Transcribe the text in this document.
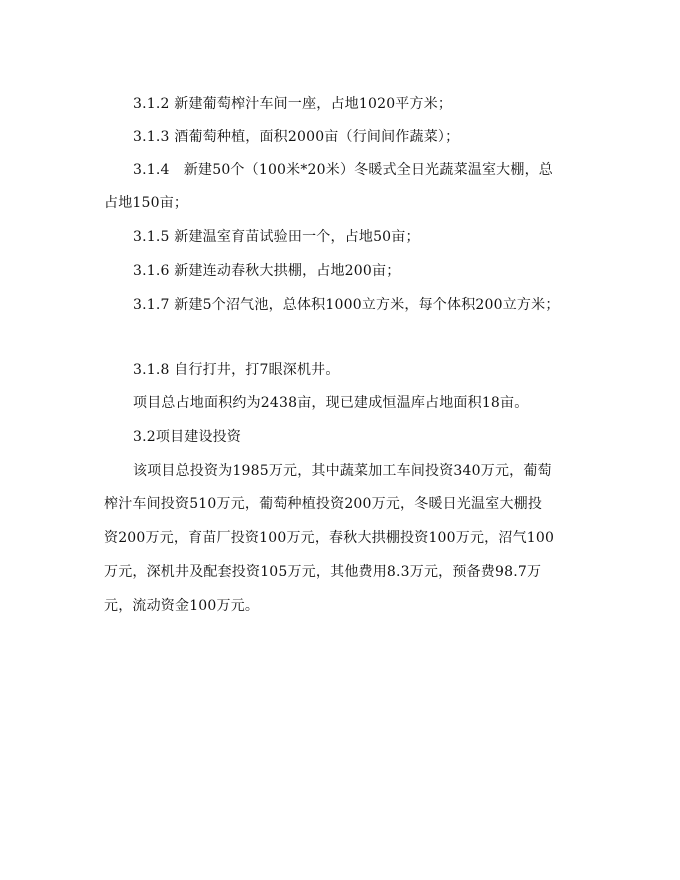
3.1.2 新建葡萄榨汁车间一座，占地1020平方米；
3.1.3 酒葡萄种植，面积2000亩（行间间作蔬菜）；
3.1.4　新建50个（100米*20米）冬暖式全日光蔬菜温室大棚，总
占地150亩；
3.1.5 新建温室育苗试验田一个，占地50亩；
3.1.6 新建连动春秋大拱棚，占地200亩；
3.1.7 新建5个沼气池，总体积1000立方米，每个体积200立方米；
3.1.8 自行打井，打7眼深机井。
项目总占地面积约为2438亩，现已建成恒温库占地面积18亩。
3.2项目建设投资
该项目总投资为1985万元，其中蔬菜加工车间投资340万元，葡萄
榨汁车间投资510万元，葡萄种植投资200万元，冬暖日光温室大棚投
资200万元，育苗厂投资100万元，春秋大拱棚投资100万元，沼气100
万元，深机井及配套投资105万元，其他费用8.3万元，预备费98.7万
元，流动资金100万元。
